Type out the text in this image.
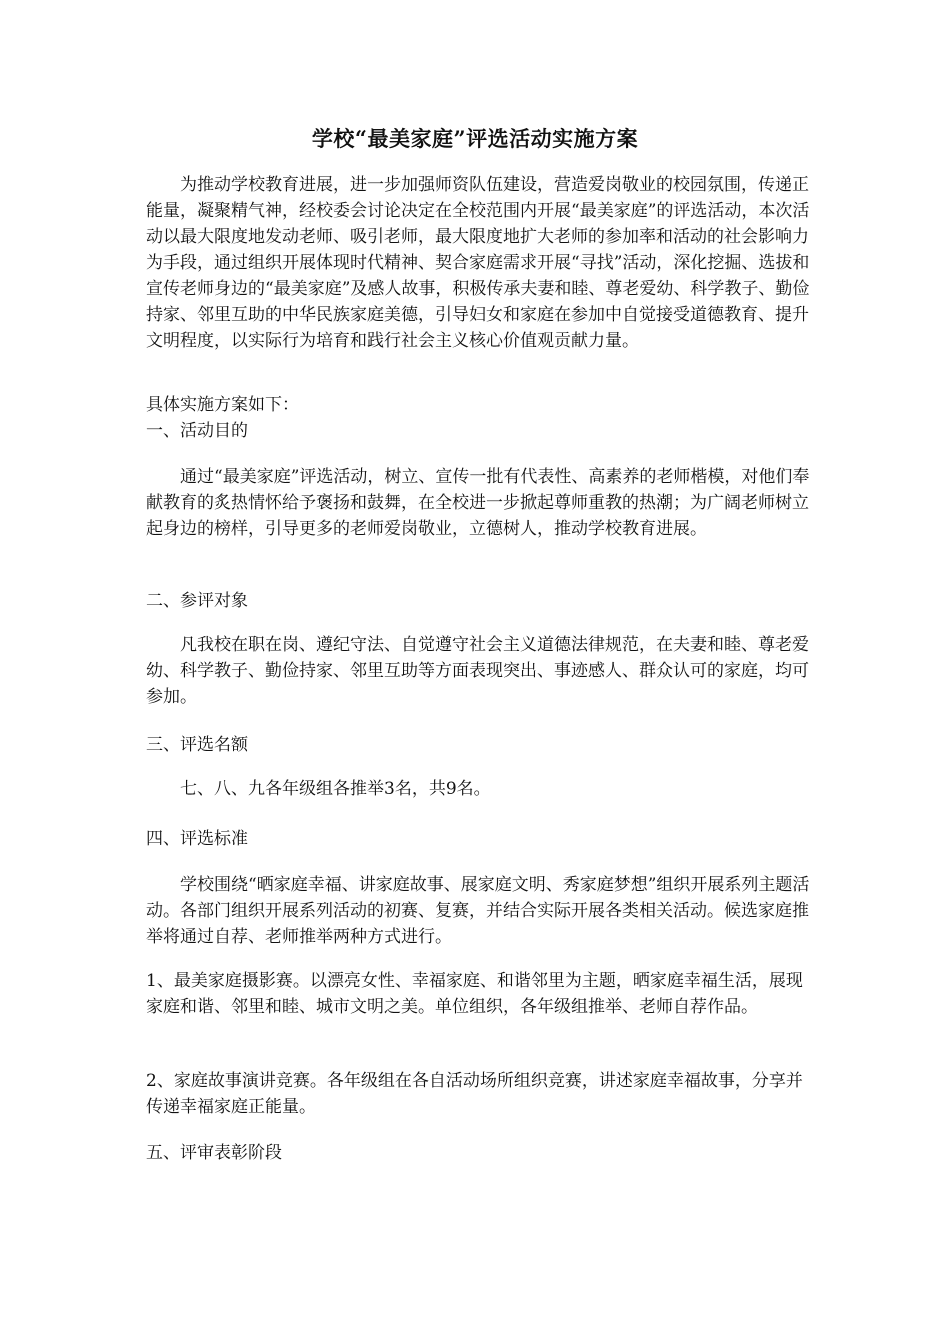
学校“最美家庭”评选活动实施方案

为推动学校教育进展，进一步加强师资队伍建设，营造爱岗敬业的校园氛围，传递正能量，凝聚精气神，经校委会讨论决定在全校范围内开展“最美家庭”的评选活动，本次活动以最大限度地发动老师、吸引老师，最大限度地扩大老师的参加率和活动的社会影响力为手段，通过组织开展体现时代精神、契合家庭需求开展“寻找”活动，深化挖掘、选拔和宣传老师身边的“最美家庭”及感人故事，积极传承夫妻和睦、尊老爱幼、科学教子、勤俭持家、邻里互助的中华民族家庭美德，引导妇女和家庭在参加中自觉接受道德教育、提升文明程度，以实际行为培育和践行社会主义核心价值观贡献力量。

具体实施方案如下：

一、活动目的

通过“最美家庭”评选活动，树立、宣传一批有代表性、高素养的老师楷模，对他们奉献教育的炙热情怀给予褒扬和鼓舞，在全校进一步掀起尊师重教的热潮；为广阔老师树立起身边的榜样，引导更多的老师爱岗敬业，立德树人，推动学校教育进展。

二、参评对象

凡我校在职在岗、遵纪守法、自觉遵守社会主义道德法律规范，在夫妻和睦、尊老爱幼、科学教子、勤俭持家、邻里互助等方面表现突出、事迹感人、群众认可的家庭，均可参加。

三、评选名额

七、八、九各年级组各推举3名，共9名。

四、评选标准

学校围绕“晒家庭幸福、讲家庭故事、展家庭文明、秀家庭梦想”组织开展系列主题活动。各部门组织开展系列活动的初赛、复赛，并结合实际开展各类相关活动。候选家庭推举将通过自荐、老师推举两种方式进行。

1、最美家庭摄影赛。以漂亮女性、幸福家庭、和谐邻里为主题，晒家庭幸福生活，展现家庭和谐、邻里和睦、城市文明之美。单位组织，各年级组推举、老师自荐作品。

2、家庭故事演讲竞赛。各年级组在各自活动场所组织竞赛，讲述家庭幸福故事，分享并传递幸福家庭正能量。

五、评审表彰阶段
